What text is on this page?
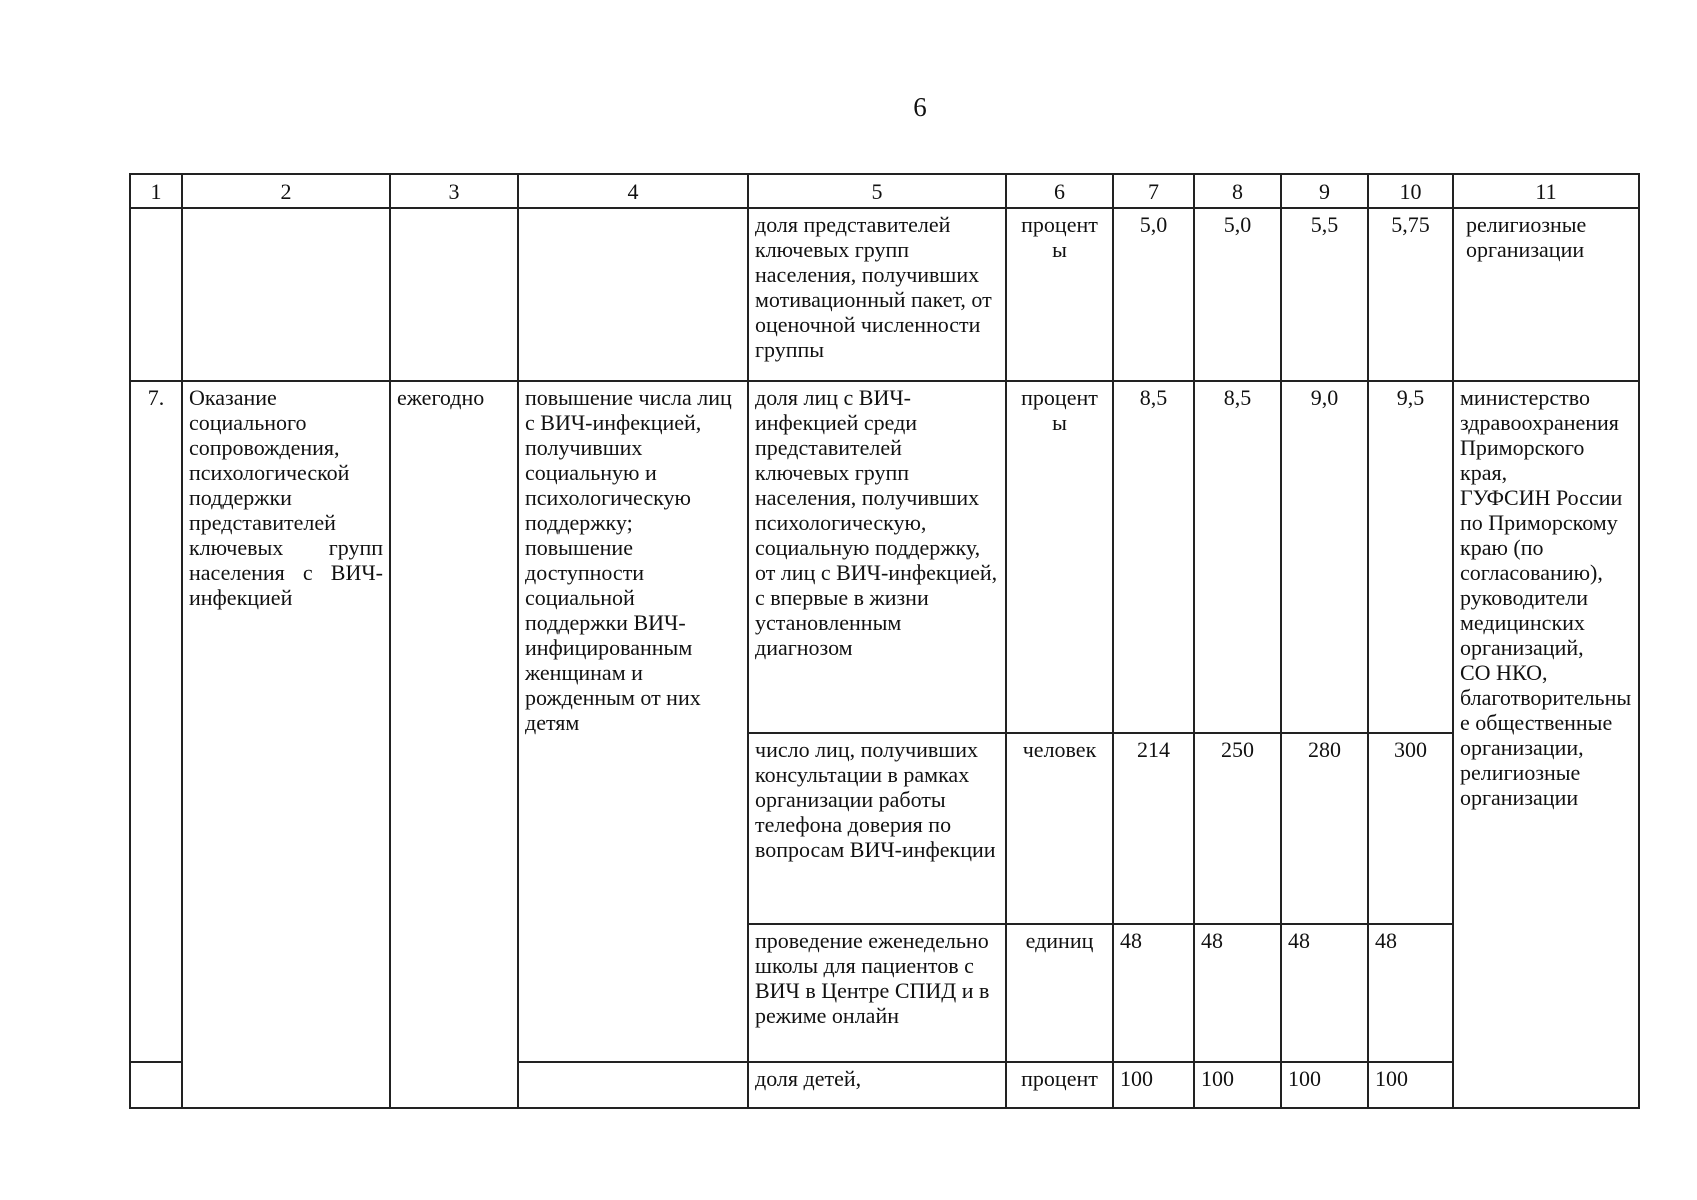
6
1	2	3	4	5	6	7	8	9	10	11
				доля представителей ключевых групп населения, получивших мотивационный пакет, от оценочной численности группы	процент ы	5,0	5,0	5,5	5,75	религиозные организации
7.	Оказание социального сопровождения, психологической поддержки представителей ключевых групп населения с ВИЧ-инфекцией	ежегодно	повышение числа лиц с ВИЧ-инфекцией, получивших социальную и психологическую поддержку; повышение доступности социальной поддержки ВИЧ-инфицированным женщинам и рожденным от них детям	доля лиц с ВИЧ-инфекцией среди представителей ключевых групп населения, получивших психологическую, социальную поддержку, от лиц с ВИЧ-инфекцией, с впервые в жизни установленным диагнозом	процент ы	8,5	8,5	9,0	9,5	министерство здравоохранения Приморского края,
ГУФСИН России по Приморскому краю (по согласованию),
руководители медицинских организаций,
СО НКО,
благотворительные общественные организации, религиозные организации

				число лиц, получивших консультации в рамках организации работы телефона доверия по вопросам ВИЧ-инфекции	человек	214	250	280	300	
				проведение еженедельно школы для пациентов с ВИЧ в Центре СПИД и в режиме онлайн	единиц	48	48	48	48	
				доля детей,	процент	100	100	100	100	
